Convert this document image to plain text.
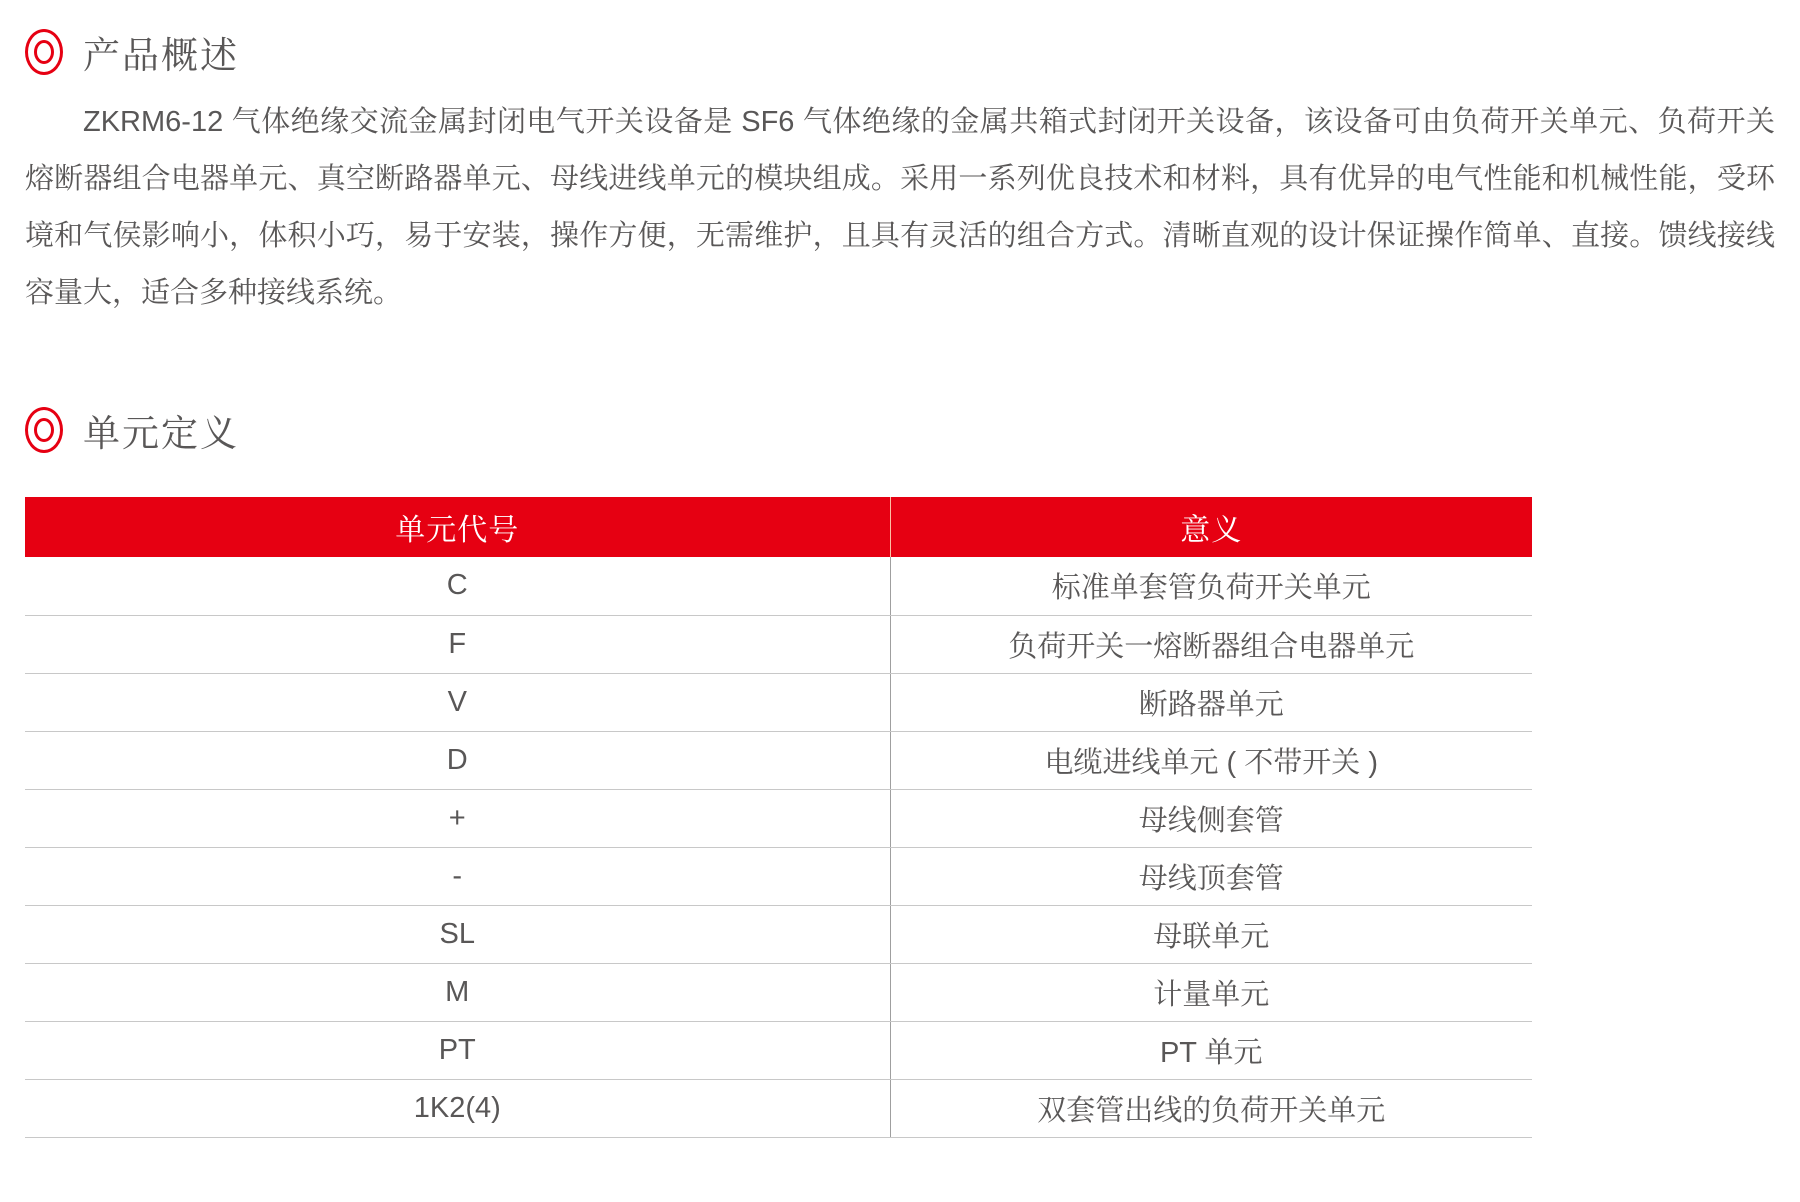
产品概述

ZKRM6-12 气体绝缘交流金属封闭电气开关设备是 SF6 气体绝缘的金属共箱式封闭开关设备，该设备可由负荷开关单元、负荷开关熔断器组合电器单元、真空断路器单元、母线进线单元的模块组成。采用一系列优良技术和材料，具有优异的电气性能和机械性能，受环境和气侯影响小，体积小巧，易于安装，操作方便，无需维护，且具有灵活的组合方式。清晰直观的设计保证操作简单、直接。馈线接线容量大，适合多种接线系统。

单元定义
单元代号	意义
C	标准单套管负荷开关单元
F	负荷开关一熔断器组合电器单元
V	断路器单元
D	电缆进线单元 ( 不带开关 )
+	母线侧套管
-	母线顶套管
SL	母联单元
M	计量单元
PT	PT 单元
1K2(4)	双套管出线的负荷开关单元
